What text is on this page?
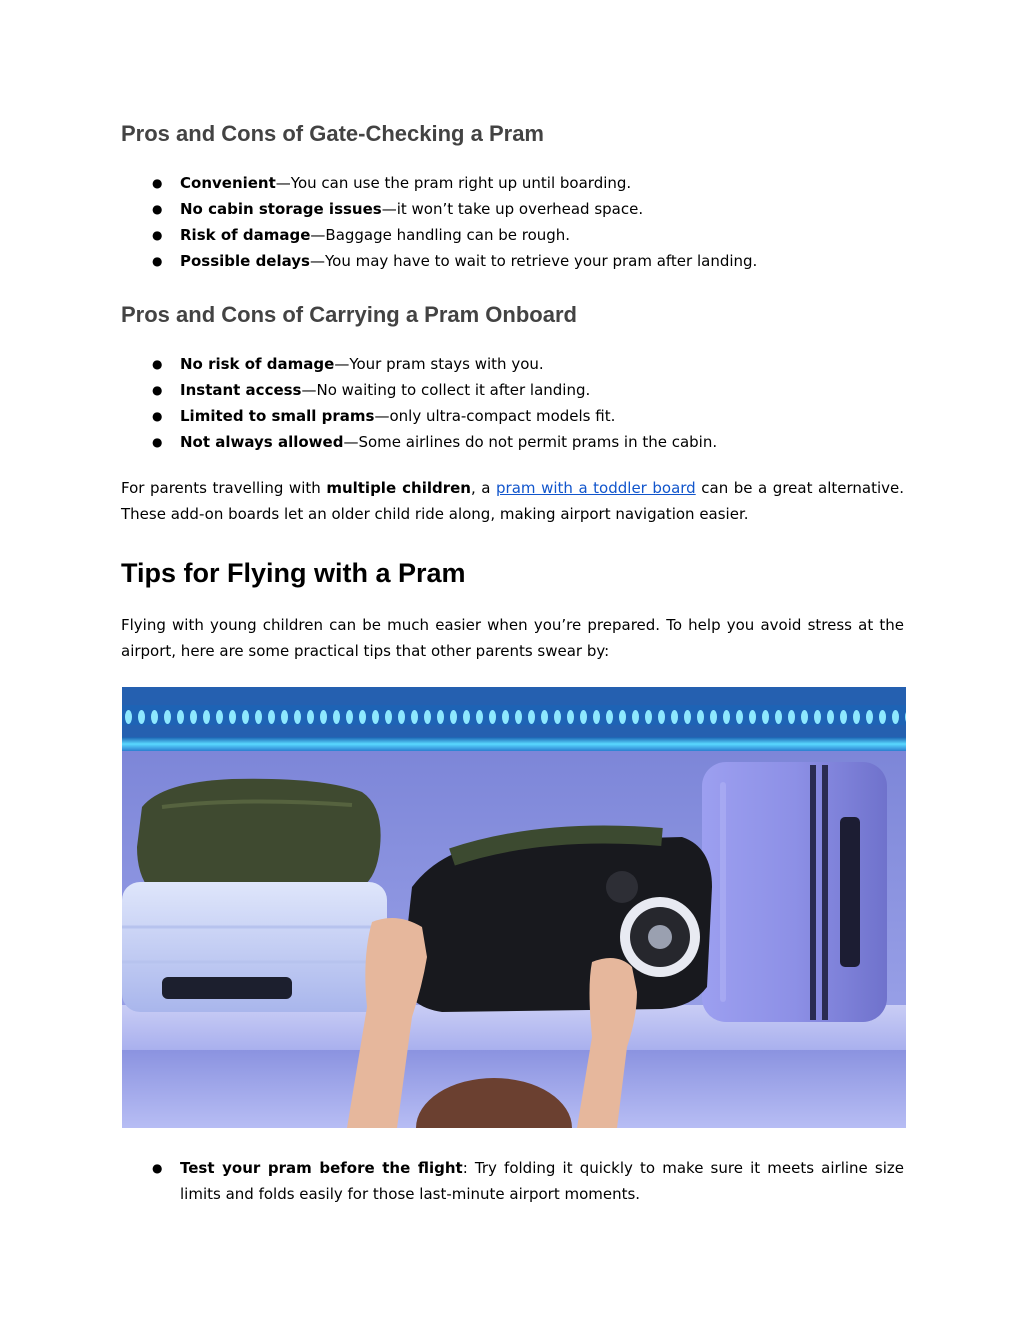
Pros and Cons of Gate-Checking a Pram
● Convenient—You can use the pram right up until boarding.
● No cabin storage issues—it won’t take up overhead space.
● Risk of damage—Baggage handling can be rough.
● Possible delays—You may have to wait to retrieve your pram after landing.
Pros and Cons of Carrying a Pram Onboard
● No risk of damage—Your pram stays with you.
● Instant access—No waiting to collect it after landing.
● Limited to small prams—only ultra-compact models fit.
● Not always allowed—Some airlines do not permit prams in the cabin.

For parents travelling with multiple children, a pram with a toddler board can be a great alternative. These add-on boards let an older child ride along, making airport navigation easier.

Tips for Flying with a Pram

Flying with young children can be much easier when you’re prepared. To help you avoid stress at the airport, here are some practical tips that other parents swear by:

● Test your pram before the flight: Try folding it quickly to make sure it meets airline size limits and folds easily for those last-minute airport moments.
